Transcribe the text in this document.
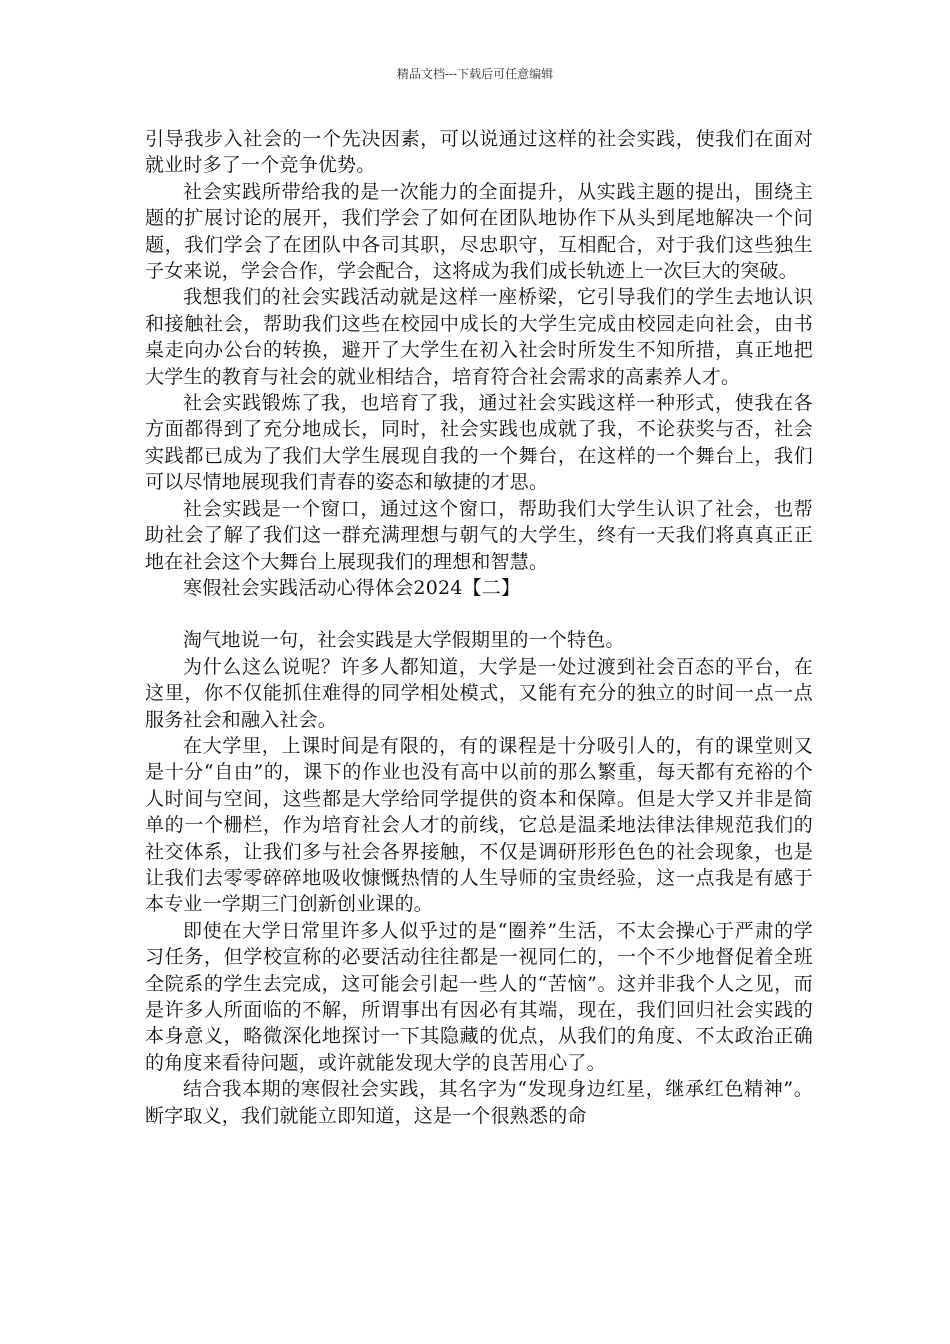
精品文档---下载后可任意编辑

引导我步入社会的一个先决因素，可以说通过这样的社会实践，使我们在面对就业时多了一个竞争优势。

社会实践所带给我的是一次能力的全面提升，从实践主题的提出，围绕主题的扩展讨论的展开，我们学会了如何在团队地协作下从头到尾地解决一个问题，我们学会了在团队中各司其职，尽忠职守，互相配合，对于我们这些独生子女来说，学会合作，学会配合，这将成为我们成长轨迹上一次巨大的突破。

我想我们的社会实践活动就是这样一座桥梁，它引导我们的学生去地认识和接触社会，帮助我们这些在校园中成长的大学生完成由校园走向社会，由书桌走向办公台的转换，避开了大学生在初入社会时所发生不知所措，真正地把大学生的教育与社会的就业相结合，培育符合社会需求的高素养人才。

社会实践锻炼了我，也培育了我，通过社会实践这样一种形式，使我在各方面都得到了充分地成长，同时，社会实践也成就了我，不论获奖与否，社会实践都已成为了我们大学生展现自我的一个舞台，在这样的一个舞台上，我们可以尽情地展现我们青春的姿态和敏捷的才思。

社会实践是一个窗口，通过这个窗口，帮助我们大学生认识了社会，也帮助社会了解了我们这一群充满理想与朝气的大学生，终有一天我们将真真正正地在社会这个大舞台上展现我们的理想和智慧。

寒假社会实践活动心得体会2024【二】

淘气地说一句，社会实践是大学假期里的一个特色。

为什么这么说呢？许多人都知道，大学是一处过渡到社会百态的平台，在这里，你不仅能抓住难得的同学相处模式，又能有充分的独立的时间一点一点服务社会和融入社会。

在大学里，上课时间是有限的，有的课程是十分吸引人的，有的课堂则又是十分“自由”的，课下的作业也没有高中以前的那么繁重，每天都有充裕的个人时间与空间，这些都是大学给同学提供的资本和保障。但是大学又并非是简单的一个栅栏，作为培育社会人才的前线，它总是温柔地法律法律规范我们的社交体系，让我们多与社会各界接触，不仅是调研形形色色的社会现象，也是让我们去零零碎碎地吸收慷慨热情的人生导师的宝贵经验，这一点我是有感于本专业一学期三门创新创业课的。

即使在大学日常里许多人似乎过的是“圈养”生活，不太会操心于严肃的学习任务，但学校宣称的必要活动往往都是一视同仁的，一个不少地督促着全班全院系的学生去完成，这可能会引起一些人的“苦恼”。这并非我个人之见，而是许多人所面临的不解，所谓事出有因必有其端，现在，我们回归社会实践的本身意义，略微深化地探讨一下其隐藏的优点，从我们的角度、不太政治正确的角度来看待问题，或许就能发现大学的良苦用心了。

结合我本期的寒假社会实践，其名字为“发现身边红星，继承红色精神”。断字取义，我们就能立即知道，这是一个很熟悉的命
